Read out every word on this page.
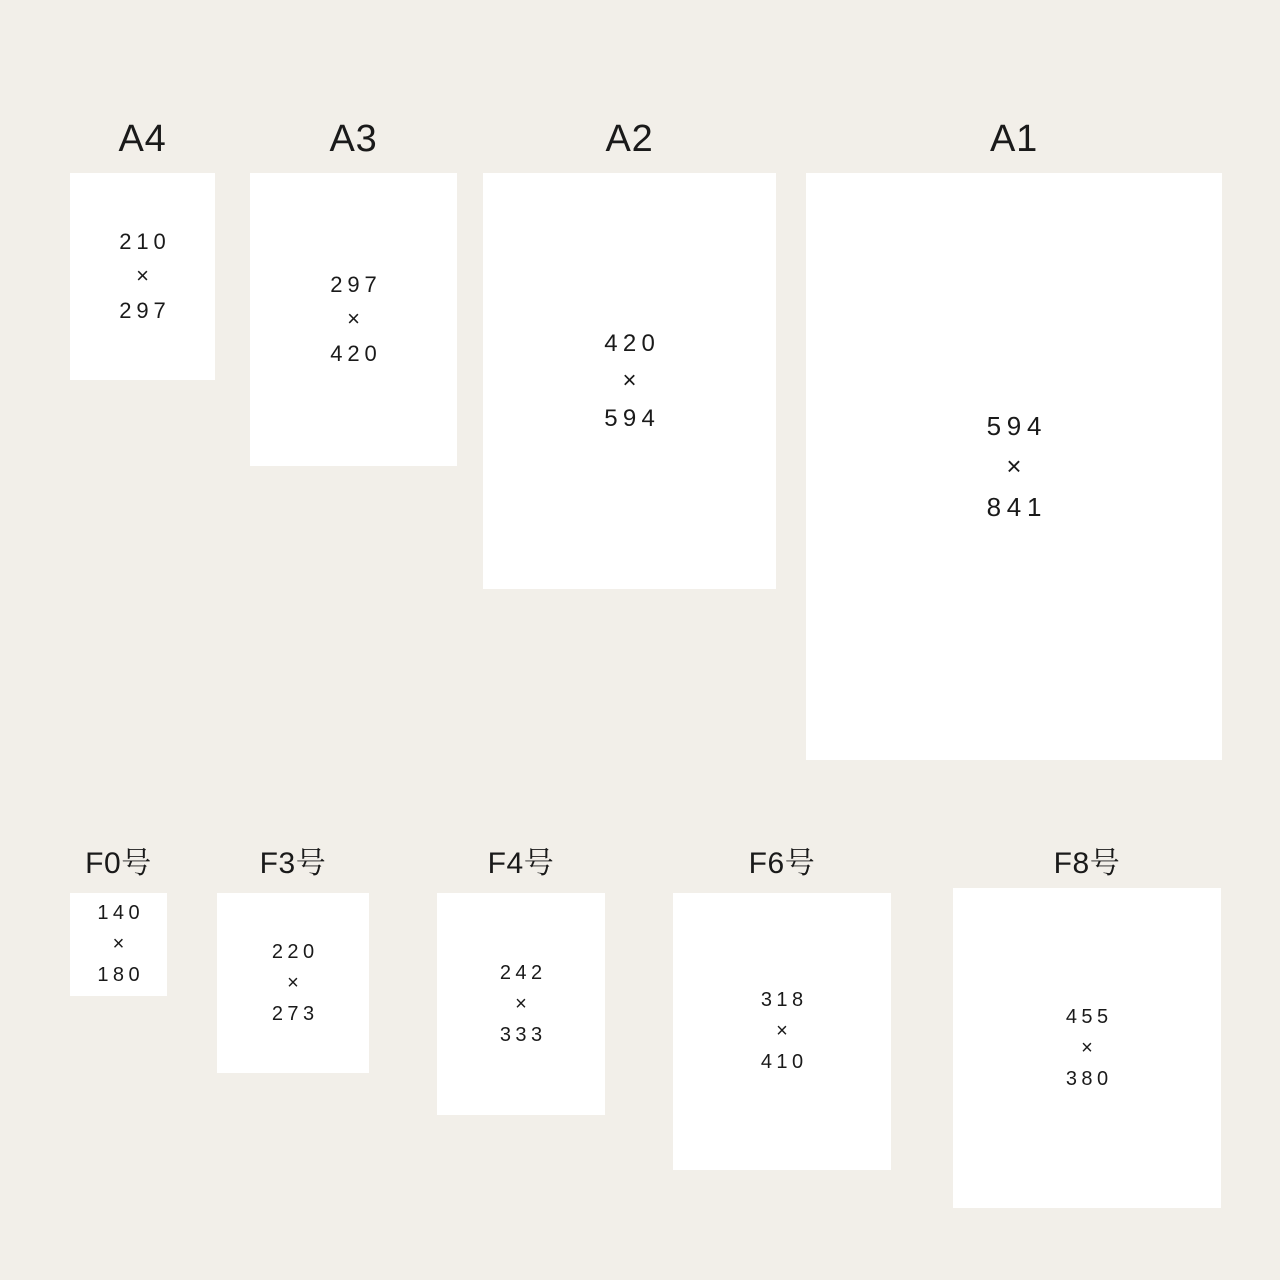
A4
210
×
297
A3
297
×
420
A2
420
×
594
A1
594
×
841
F0号
140
×
180
F3号
220
×
273
F4号
242
×
333
F6号
318
×
410
F8号
455
×
380
